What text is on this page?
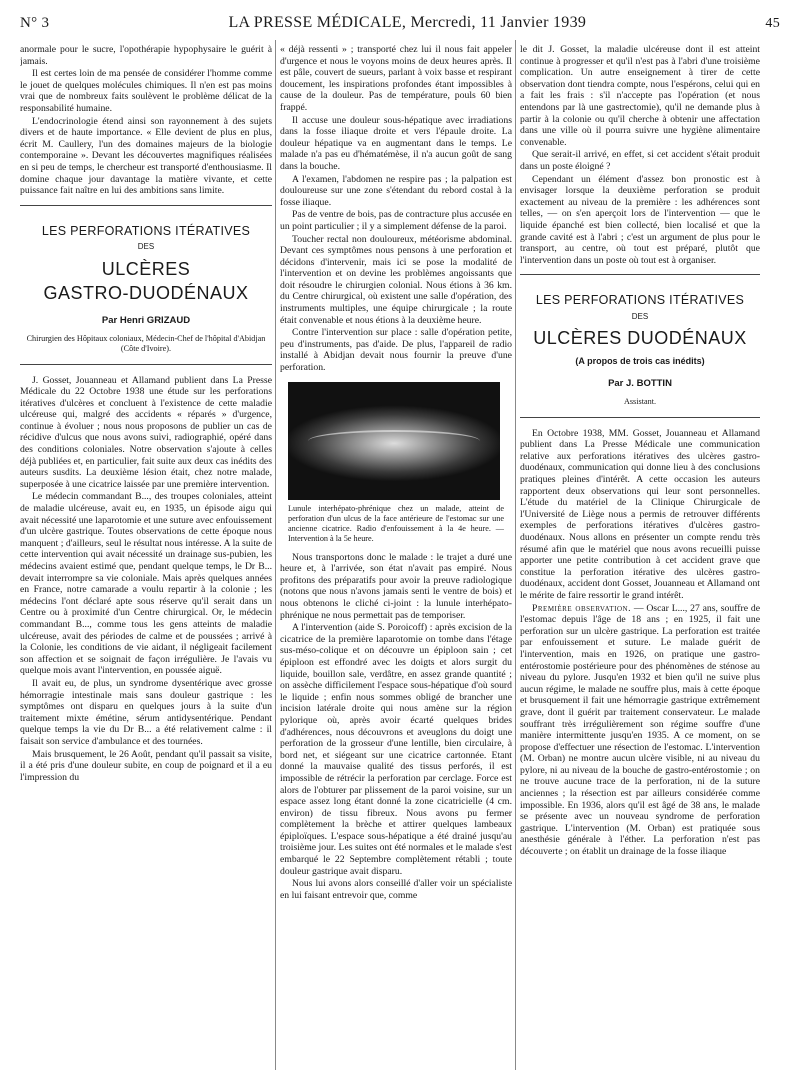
N° 3	LA PRESSE MÉDICALE, Mercredi, 11 Janvier 1939	45

anormale pour le sucre, l'opothérapie hypophysaire le guérit à jamais.

Il est certes loin de ma pensée de considérer l'homme comme le jouet de quelques molécules chimiques. Il n'en est pas moins vrai que de nombreux faits soulèvent le problème délicat de la responsabilité humaine.

L'endocrinologie étend ainsi son rayonnement à des sujets divers et de haute importance. « Elle devient de plus en plus, écrit M. Caullery, l'un des domaines majeurs de la biologie contemporaine ». Devant les découvertes magnifiques réalisées en si peu de temps, le chercheur est transporté d'enthousiasme. Il domine chaque jour davantage la matière vivante, et cette puissance fait naître en lui des ambitions sans limite.

LES PERFORATIONS ITÉRATIVES
DES
ULCÈRES
GASTRO-DUODÉNAUX
Par Henri GRIZAUD
Chirurgien des Hôpitaux coloniaux, Médecin-Chef de l'hôpital d'Abidjan (Côte d'Ivoire).

J. Gosset, Jouanneau et Allamand publient dans La Presse Médicale du 22 Octobre 1938 une étude sur les perforations itératives d'ulcères et concluent à l'existence de cette maladie ulcéreuse qui, malgré des accidents « réparés » d'urgence, continue à évoluer ; nous nous proposons de publier un cas de récidive d'ulcus que nous avons suivi, radiographié, opéré dans des conditions coloniales. Notre observation s'ajoute à celles déjà publiées et, en particulier, fait suite aux deux cas inédits des auteurs susdits. La deuxième lésion était, chez notre malade, superposée à une cicatrice laissée par une première intervention.

Le médecin commandant B..., des troupes coloniales, atteint de maladie ulcéreuse, avait eu, en 1935, un épisode aigu qui avait nécessité une laparotomie et une suture avec enfouissement d'un ulcère gastrique. Toutes observations de cette époque nous manquent ; d'ailleurs, seul le résultat nous intéresse. A la suite de cette intervention qui avait nécessité un drainage sus-pubien, les médecins avaient estimé que, pendant quelque temps, le Dr B... devait interrompre sa vie coloniale. Mais après quelques années en France, notre camarade a voulu repartir à la colonie ; les médecins l'ont déclaré apte sous réserve qu'il serait dans un Centre ou à proximité d'un Centre chirurgical. Or, le médecin commandant B..., comme tous les gens atteints de maladie ulcéreuse, avait des périodes de calme et de poussées ; arrivé à la Colonie, les conditions de vie aidant, il négligeait facilement son affection et se soignait de façon irrégulière. Je l'avais vu quelque mois avant l'intervention, en poussée aiguë.

Il avait eu, de plus, un syndrome dysentérique avec grosse hémorragie intestinale mais sans douleur gastrique : les symptômes ont disparu en quelques jours à la suite d'un traitement mixte émétine, sérum antidysentérique. Pendant quelque temps la vie du Dr B... a été relativement calme : il faisait son service d'ambulance et des tournées.

Mais brusquement, le 26 Août, pendant qu'il passait sa visite, il a été pris d'une douleur subite, en coup de poignard et il a eu l'impression du

« déjà ressenti » ; transporté chez lui il nous fait appeler d'urgence et nous le voyons moins de deux heures après. Il est pâle, couvert de sueurs, parlant à voix basse et respirant doucement, les inspirations profondes étant impossibles à cause de la douleur. Pas de température, pouls 60 bien frappé.

Il accuse une douleur sous-hépatique avec irradiations dans la fosse iliaque droite et vers l'épaule droite. La douleur hépatique va en augmentant dans le temps. Le malade n'a pas eu d'hématémèse, il n'a aucun goût de sang dans la bouche.

A l'examen, l'abdomen ne respire pas ; la palpation est douloureuse sur une zone s'étendant du rebord costal à la fosse iliaque.

Pas de ventre de bois, pas de contracture plus accusée en un point particulier ; il y a simplement défense de la paroi.

Toucher rectal non douloureux, météorisme abdominal. Devant ces symptômes nous pensons à une perforation et décidons d'intervenir, mais ici se pose la modalité de l'intervention et on devine les problèmes angoissants que doit résoudre le chirurgien colonial. Nous étions à 36 km. du Centre chirurgical, où existent une salle d'opération, des instruments multiples, une équipe chirurgicale ; la route était convenable et nous étions à la deuxième heure.

Contre l'intervention sur place : salle d'opération petite, peu d'instruments, pas d'aide. De plus, l'appareil de radio installé à Abidjan devait nous fournir la preuve d'une perforation.

Lunule interhépato-phrénique chez un malade, atteint de perforation d'un ulcus de la face antérieure de l'estomac sur une ancienne cicatrice. Radio d'enfouissement à la 4e heure. — Intervention à la 5e heure.

Nous transportons donc le malade : le trajet a duré une heure et, à l'arrivée, son état n'avait pas empiré. Nous profitons des préparatifs pour avoir la preuve radiologique (notons que nous n'avons jamais senti le ventre de bois) et nous obtenons le cliché ci-joint : la lunule interhépato-phrénique ne nous permettait pas de temporiser.

A l'intervention (aide S. Poroicoff) : après excision de la cicatrice de la première laparotomie on tombe dans l'étage sus-méso-colique et on découvre un épiploon sain ; cet épiploon est effondré avec les doigts et alors surgit du liquide, bouillon sale, verdâtre, en assez grande quantité ; on assèche difficilement l'espace sous-hépatique d'où sourd le liquide ; enfin nous sommes obligé de brancher une incision latérale droite qui nous amène sur la région pylorique où, après avoir écarté quelques brides d'adhérences, nous découvrons et aveuglons du doigt une perforation de la grosseur d'une lentille, bien circulaire, à bord net, et siégeant sur une cicatrice cartonnée. Etant donné la mauvaise qualité des tissus perforés, il est impossible de rétrécir la perforation par cerclage. Force est alors de l'obturer par plissement de la paroi voisine, sur un espace assez long étant donné la zone cicatricielle (4 cm. environ) de tissu fibreux. Nous avons pu fermer complètement la brèche et attirer quelques lambeaux épiploïques. L'espace sous-hépatique a été drainé jusqu'au troisième jour. Les suites ont été normales et le malade s'est embarqué le 22 Septembre complètement rétabli ; toute douleur gastrique avait disparu.

Nous lui avons alors conseillé d'aller voir un spécialiste en lui faisant entrevoir que, comme

le dit J. Gosset, la maladie ulcéreuse dont il est atteint continue à progresser et qu'il n'est pas à l'abri d'une troisième complication. Un autre enseignement à tirer de cette observation dont tiendra compte, nous l'espérons, celui qui en a fait les frais : s'il n'accepte pas l'opération (et nous entendons par là une gastrectomie), qu'il ne demande plus à partir à la colonie ou qu'il cherche à obtenir une affectation dans une ville où il pourra suivre une hygiène alimentaire convenable.

Que serait-il arrivé, en effet, si cet accident s'était produit dans un poste éloigné ?

Cependant un élément d'assez bon pronostic est à envisager lorsque la deuxième perforation se produit exactement au niveau de la première : les adhérences sont telles, — on s'en aperçoit lors de l'intervention — que le liquide épanché est bien collecté, bien localisé et que la grande cavité est à l'abri ; c'est un argument de plus pour le transport, au centre, où tout est préparé, plutôt que l'intervention dans un poste où tout est à organiser.

LES PERFORATIONS ITÉRATIVES
DES
ULCÈRES DUODÉNAUX
(A propos de trois cas inédits)
Par J. BOTTIN
Assistant.

En Octobre 1938, MM. Gosset, Jouanneau et Allamand publient dans La Presse Médicale une communication relative aux perforations itératives des ulcères gastro-duodénaux, communication qui donne lieu à des conclusions pratiques pleines d'intérêt. A cette occasion les auteurs rapportent deux observations qui leur sont personnelles. L'étude du matériel de la Clinique Chirurgicale de l'Université de Liège nous a permis de retrouver différents exemples de perforations itératives d'ulcères gastro-duodénaux. Nous allons en présenter un compte rendu très résumé afin que le matériel que nous avons recueilli puisse apporter une petite contribution à cet accident grave que constitue la perforation itérative des ulcères gastro-duodénaux, accident dont Gosset, Jouanneau et Allamand ont le mérite de faire ressortir le grand intérêt.

Première observation. — Oscar L..., 27 ans, souffre de l'estomac depuis l'âge de 18 ans ; en 1925, il fait une perforation sur un ulcère gastrique. La perforation est traitée par enfouissement et suture. Le malade guérit de l'intervention, mais en 1926, on pratique une gastro-entérostomie postérieure pour des phénomènes de sténose au niveau du pylore. Jusqu'en 1932 et bien qu'il ne suive plus aucun régime, le malade ne souffre plus, mais à cette époque et brusquement il fait une hémorragie gastrique extrêmement grave, dont il guérit par traitement conservateur. Le malade souffrant très irrégulièrement son régime souffre d'une manière intermittente jusqu'en 1935. A ce moment, on se propose d'effectuer une résection de l'estomac. L'intervention (M. Orban) ne montre aucun ulcère visible, ni au niveau du pylore, ni au niveau de la bouche de gastro-entérostomie ; on ne trouve aucune trace de la perforation, ni de la suture anciennes ; la résection est par ailleurs considérée comme impossible. En 1936, alors qu'il est âgé de 38 ans, le malade se présente avec un nouveau syndrome de perforation gastrique. L'intervention (M. Orban) est pratiquée sous anesthésie générale à l'éther. La perforation n'est pas découverte ; on établit un drainage de la fosse iliaque
